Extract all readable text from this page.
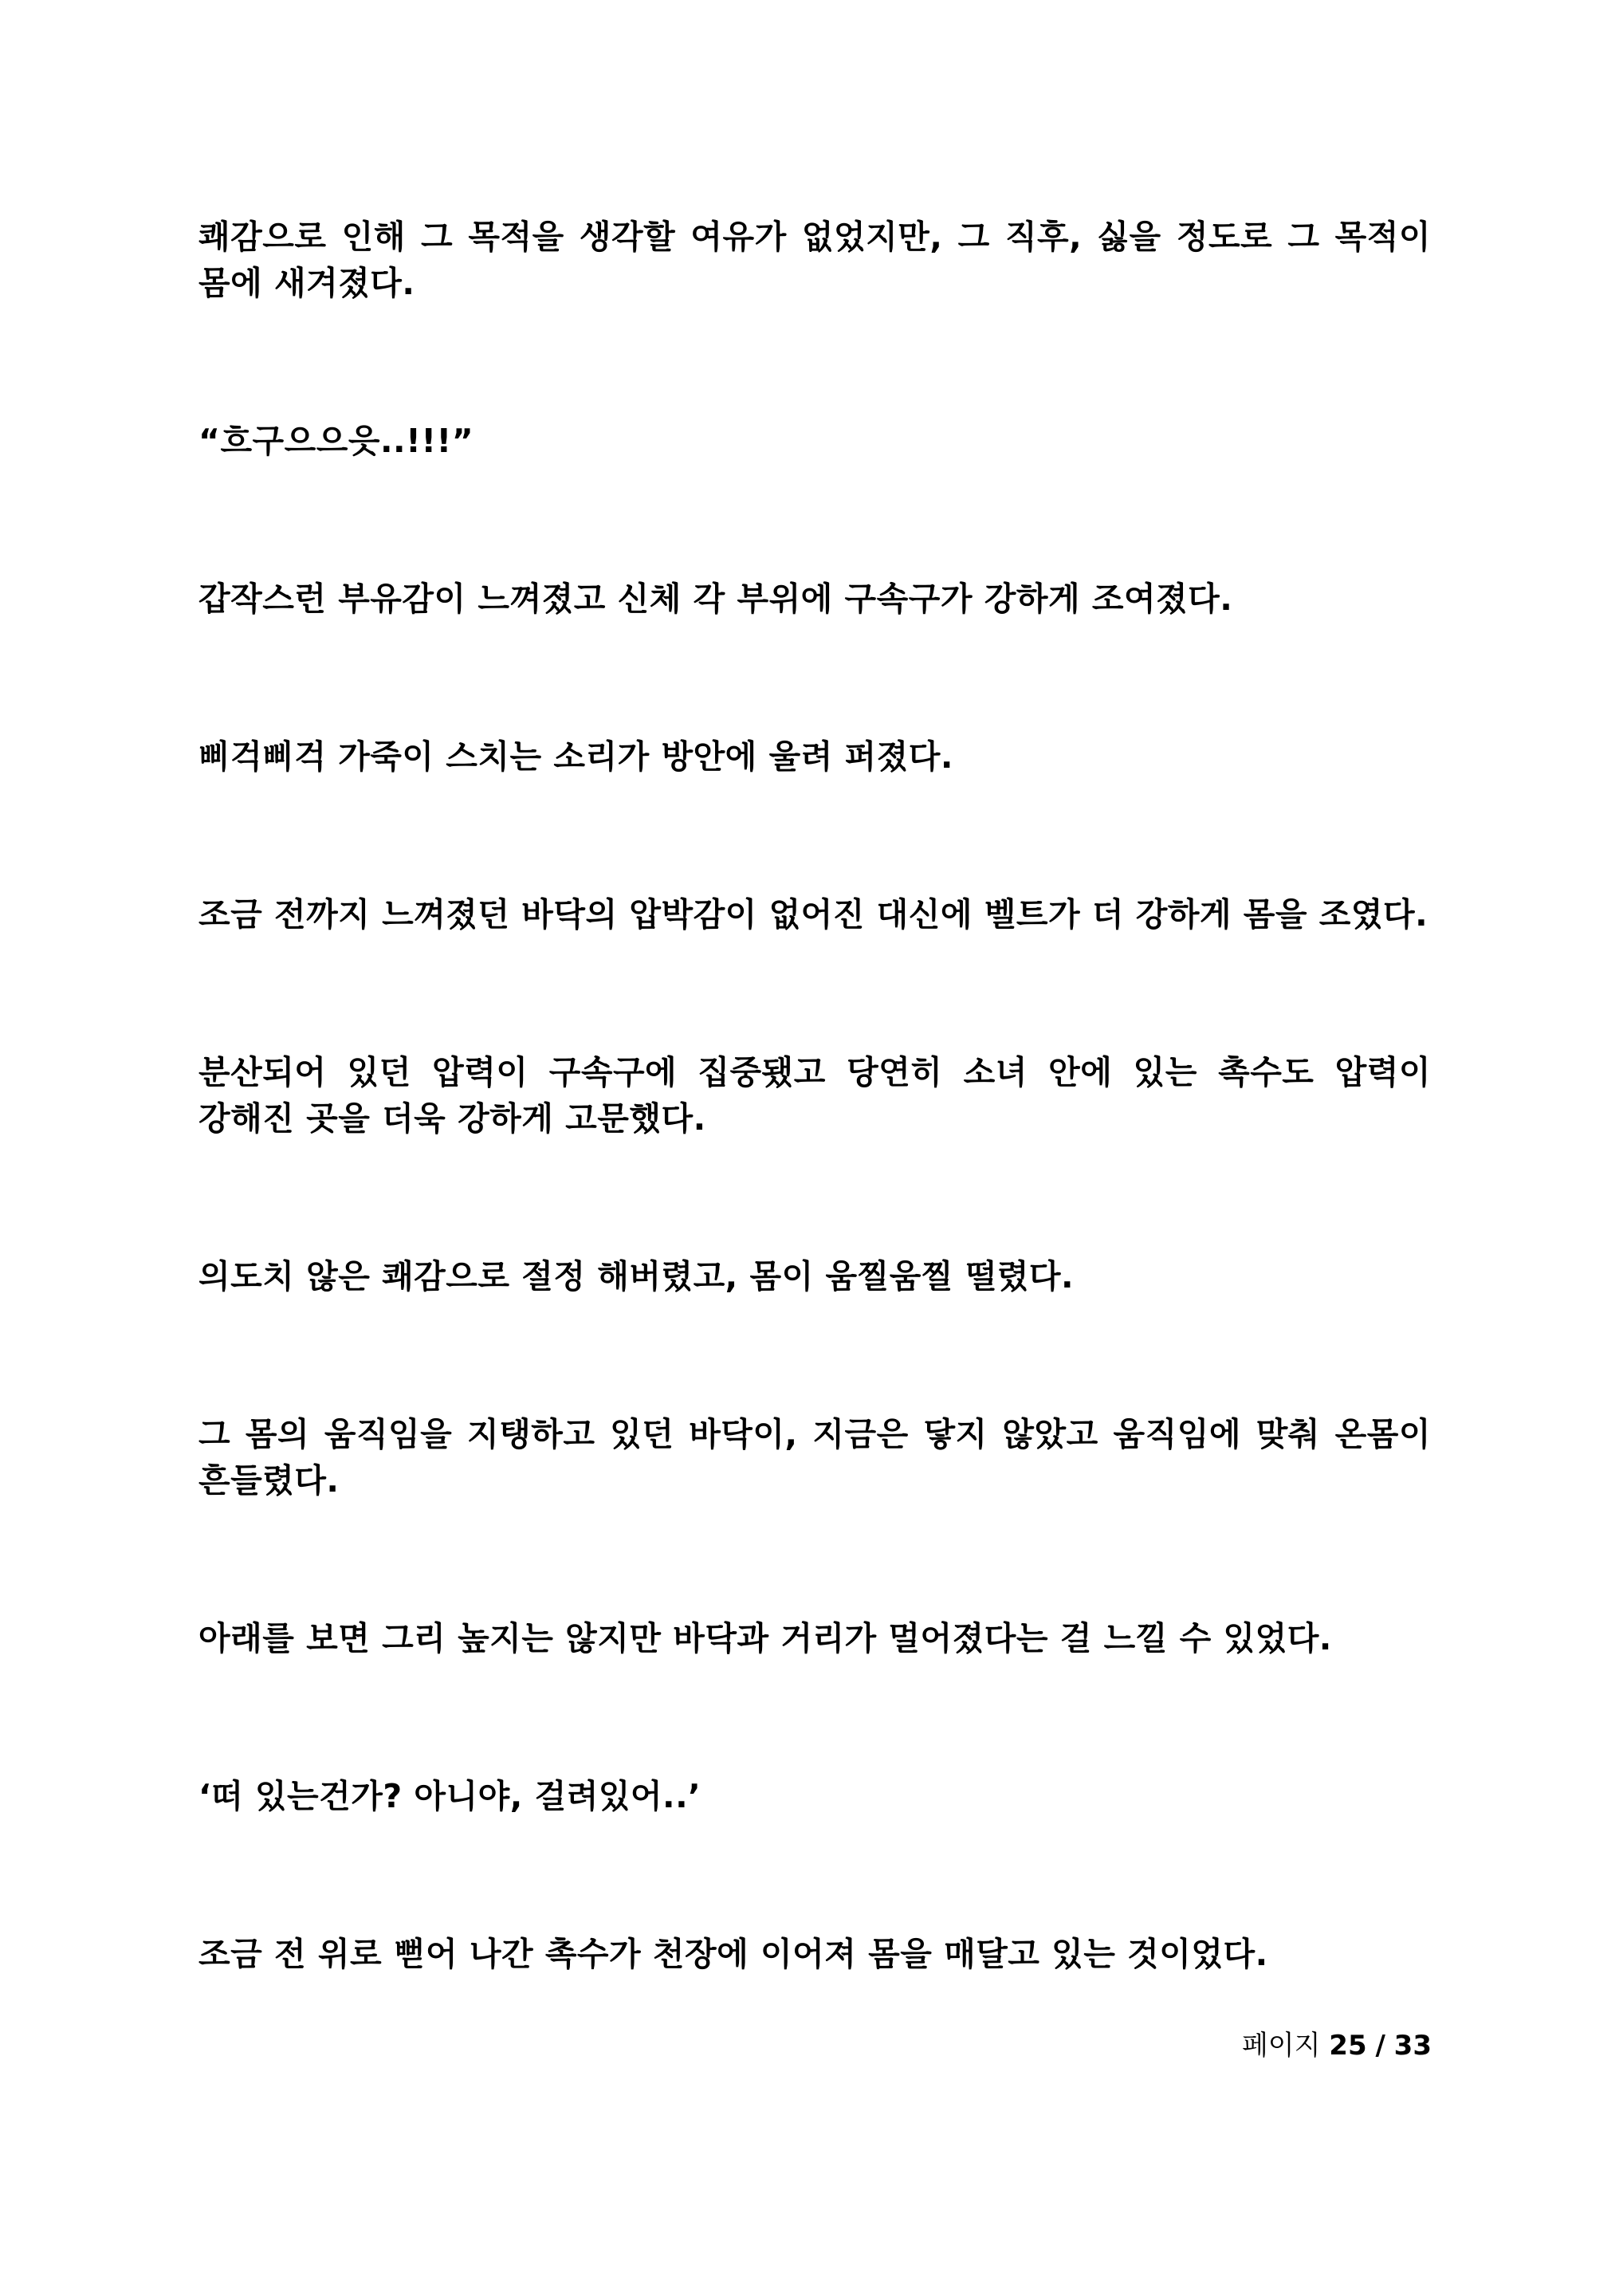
쾌감으로 인해 그 목적을 생각할 여유가 없었지만, 그 직후, 싫을 정도로 그 목적이 몸에 새겨졌다.

“흐구으으읏..!!!”

갑작스런 부유감이 느껴졌고 신체 각 부위에 구속구가 강하게 조여졌다.

삐걱삐걱 가죽이 스치는 소리가 방안에 울려 퍼졌다.

조금 전까지 느껴졌던 바닥의 압박감이 없어진 대신에 벨트가 더 강하게 몸을 조였다.

분산되어 있던 압력이 구속구에 집중됐고 당연히 소녀 안에 있는 촉수도 압력이 강해진 곳을 더욱 강하게 고문했다.

의도치 않은 쾌감으로 절정 해버렸고, 몸이 움찔움찔 떨렸다.

그 몸의 움직임을 지탱하고 있던 바닥이, 지금은 닿지 않았고 움직임에 맞춰 온몸이 흔들렸다.

아래를 보면 그리 높지는 않지만 바닥과 거리가 멀어졌다는 걸 느낄 수 있었다.

‘떠 있는건가? 아니야, 걸려있어..’

조금 전 위로 뻗어 나간 촉수가 천장에 이어져 몸을 매달고 있는 것이었다.

페이지 25 / 33
